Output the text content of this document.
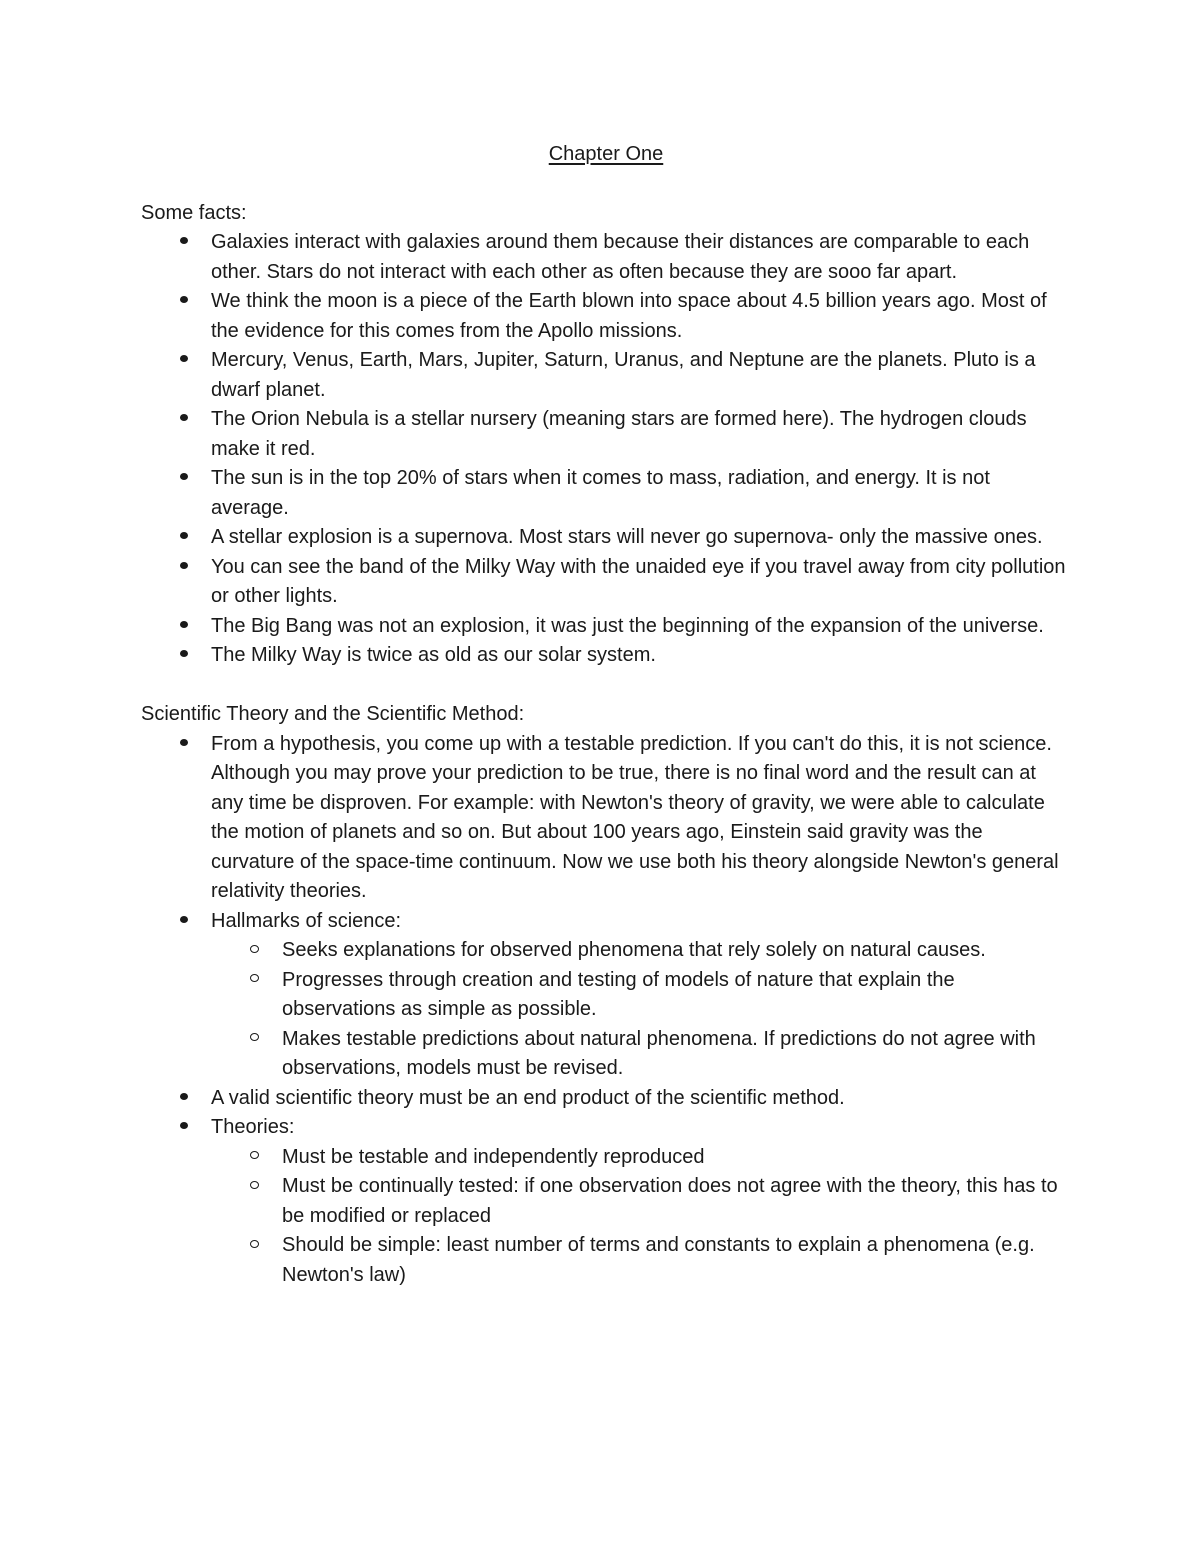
Chapter One

Some facts:

Galaxies interact with galaxies around them because their distances are comparable to each other. Stars do not interact with each other as often because they are sooo far apart.
We think the moon is a piece of the Earth blown into space about 4.5 billion years ago. Most of the evidence for this comes from the Apollo missions.
Mercury, Venus, Earth, Mars, Jupiter, Saturn, Uranus, and Neptune are the planets. Pluto is a dwarf planet.
The Orion Nebula is a stellar nursery (meaning stars are formed here). The hydrogen clouds make it red.
The sun is in the top 20% of stars when it comes to mass, radiation, and energy. It is not average.
A stellar explosion is a supernova. Most stars will never go supernova- only the massive ones.
You can see the band of the Milky Way with the unaided eye if you travel away from city pollution or other lights.
The Big Bang was not an explosion, it was just the beginning of the expansion of the universe.
The Milky Way is twice as old as our solar system.

Scientific Theory and the Scientific Method:

From a hypothesis, you come up with a testable prediction. If you can't do this, it is not science. Although you may prove your prediction to be true, there is no final word and the result can at any time be disproven. For example: with Newton's theory of gravity, we were able to calculate the motion of planets and so on. But about 100 years ago, Einstein said gravity was the curvature of the space-time continuum. Now we use both his theory alongside Newton's general relativity theories.
Hallmarks of science:
Seeks explanations for observed phenomena that rely solely on natural causes.
Progresses through creation and testing of models of nature that explain the observations as simple as possible.
Makes testable predictions about natural phenomena. If predictions do not agree with observations, models must be revised.
A valid scientific theory must be an end product of the scientific method.
Theories:
Must be testable and independently reproduced
Must be continually tested: if one observation does not agree with the theory, this has to be modified or replaced
Should be simple: least number of terms and constants to explain a phenomena (e.g. Newton's law)
